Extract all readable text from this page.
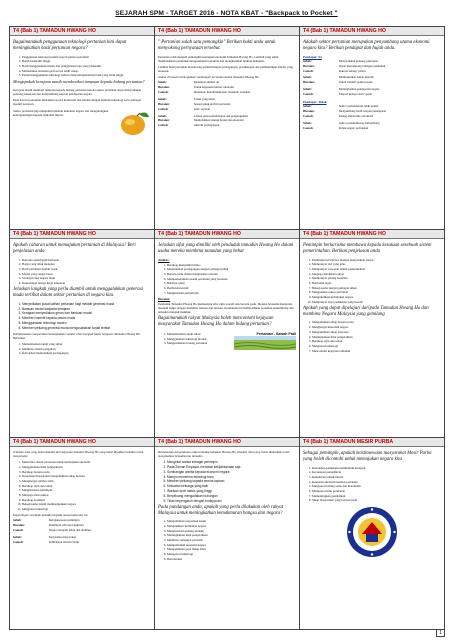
SEJARAH SPM - TARGET 2016 - NOTA KBAT - "Backpack to Pocket "
T4 (Bab 1) TAMADUN HWANG HO
Bagaimanakah penggunaan teknologi pertanian kini dapat meningkatkan hasil pertanian negara?
1. Penggunaan teknologi terkini seperti jentera pertanian
2. Benih berkualiti tinggi.
3. Hasil menggunakan mesin dan penggunaan baja yang berkualiti
4. Memastikan tanaman padi secara lebih cekap.
5. Petani menggunakan teknologi baharu demi mengeluarkan hasil yang lebih tinggi.
Mengapakah kerajaan masih memberikan tumpuan kepada bidang pertanian?
Kerajaan masih memberi tumpuan kepada bidang pertanian kerana sektor pertanian dapat menyediakan peluang pekerjaan dan menyumbang kepada pendapatan negara.
Pada hari ini pertanian dijalankan secara komersial dan moden dengan bantuan teknologi serta pelbagai insentif kerajaan.
Sektor pertanian juga menjamin bekalan makanan negara dan mengurangkan kebergantungan kepada makanan import.
T4 (Bab 1) TAMADUN HWANG HO
" Pertanian salah satu pemangkin" Berikan bukti anda untuk menyokong pernyataan tersebut.
Pertanian telah menjadi pemangkin kemajuan ekonomi Tamadun Hwang Ho. Lembah yang subur membolehkan penduduk mengusahakan tanaman dan menghasilkan lebihan makanan.
Lebihan hasil pertanian mendorong perkembangan perdagangan, pertukangan dan pembentukan bandar yang tersusun.
Jadual di bawah menunjukkan sumbangan pertanian dalam Tamadun Hwang Ho.
Sebab:	Mendapat sumber air
Huraian:	Untuk kegunaan harian/ ekonomi
Contoh:	minuman/ mandi/memasak/ tanaman/ ternakan
Sebab:	Tanah yang subur
Huraian:	Sesuai untuk aktiviti pertanian
Contoh:	padi/ sayuran
Sebab:	Laluan jalan perhubungan dan pengangkutan
Huraian:	Memudahkan urusan harian dan ekonomi
Contoh:	Aktiviti perdagangan
T4 (Bab 1) TAMADUN HWANG HO
Adakah sektor pertanian merupakan penyumbang utama ekonomi negara kita? Berikan pendapat dan hujah anda.
Pendapat: Ya
Sebab:	Menyediakan peluang pekerjaan
Huraian:	Dapat menampung bilangan penduduk
Contoh:	Pekerja ladang/ petani
Sebab:	Membekalkan bahan mentah
Huraian:	Untuk industri pemprosesan
Sebab:	Meningkatkan pendapatan negara
Contoh:	Eksport kelapa sawit/ getah
Pendapat: Tidak
Sebab:	Sektor perindustrian lebih utama
Huraian:	Menyumbang lebih banyak pendapatan
Contoh:	Kilang elektronik/ automotif
Sebab:	Sektor perkhidmatan berkembang
Contoh:	Pelancongan/ perbankan
T4 (Bab 1) TAMADUN HWANG HO
Apakah cabaran untuk memajukan pertanian di Malaysia? Beri penjelasan anda
1. Bencana alam/banjir/kemarau
2. Harga yang tidak menentu
3. Hasil pertanian mudah rosak
4. Modal yang sangat besar
5. Serangan dari negara maju
6. Kekurangan tenaga kerja tempatan
Jelaskan langkah yang perlu diambil untuk menggalakkan generasi muda terlibat dalam sektor pertanian di negara kita.
1. Menyediakan pusat latihan pertanian bagi melatih generasi muda
2. Bantuan modal daripada kerajaan
3. Kerajaan menyediakan geran dan bantuan modal
4. Memberi insentif kepada petani muda
5. Menggunakan teknologi moden
6. Memberi peluang generasi muda mengusahakan tanah terbiar
Kebijaksanaan masyarakat memanfaatkan sumber alam menjadi faktor kejayaan Tamadun Hwang Ho. Bahaskan.
1. Memanfaatkan tanah yang subur
2. Membina sistem pengairan
3. Kebolehan menjalankan perdagangan
T4 (Bab 1) TAMADUN HWANG HO
Jelaskan sifat yang dimiliki oleh penduduk tamadun Hwang Ho dalam usaha mereka membina tamadun yang hebat
Analisis:
1. Bersikap mengambil risiko
2. Menjalankan perdagangan dengan pelbagai pihak
3. Bersatu padu dalam menghadapi cabaran
4. Memperkenalkan sistem pertanian yang tersusun
5. Berdaya saing
6. Berfikiran kreatif
7. Menghormati pemerintah
Huraian:
Penduduk Tamadun Hwang Ho mempunyai sifat rajin, kreatif dan bersatu padu. Mereka berusaha mengatasi masalah banjir dengan membina tebatan dan terusan. Ketekunan ini membolehkan pertanian berkembang dan tamadun menjadi makmur.
Bagaimanakah rakyat Malaysia boleh mencontohi kejayaan masyarakat Tamadun Hwang Ho dalam bidang pertanian?
1. Memanfaatkan tanah subur
2. Menggunakan teknologi moden
3. Mengusahakan bidang pertanian
Pertanian - Sawah Padi
T4 (Bab 1) TAMADUN HWANG HO
Pemimpin berkarisma membawa kepada kesatuan sesebuah sistem pemerintahan. Berikan penjelasan anda
1. Pemimpin berwibawa mampu menyatukan rakyat
2. Mempunyai visi yang jelas
3. Mempunyai wawasan dalam pemerintahan
4. Menjaga kebajikan rakyat
5. Mempunyai prinsip keadilan
6. Bertindak tegas
7. Bekerjasama dengan pelbagai pihak
8. Menguatkan sektor pertanian
9. Mengukuhkan kedudukan negara
10. Mempunyai daya pemikiran yang kreatif
Apakah yang dapat dipelajari daripada Tamadun Hwang Ho dan membina Negara Malaysia yang gemilang
1. Mengamalkan sikap bersatu padu
2. Menghargai khazanah negara
3. Mengamalkan sikap toleransi
4. Meningkatkan ilmu pengetahuan
5. Bersikap rajin dan tekun
6. Menguasai teknologi
7. Mencontohi kejayaan tamadun
T4 (Bab 1) TAMADUN HWANG HO
Jelaskan nilai yang boleh diambil dari kejayaan tamadun Hwang Ho yang boleh dijadikan teladan untuk masyarakat
1. Menerima sistem pertanian untuk memajukan ekonomi
2. Menggunakan ilmu pengetahuan
3. Bersikap bersatu padu
4. Kesediaan masyarakat mengamalkan sikap hormat
5. Menghargai sumber alam
6. Bersikap rajin dan tekun
7. Menghormati pemimpin
8. Menjaga alam sekitar
9. Bersikap berdikari
10. Bekerjasama dalam membangunkan negara
11. Menguasai teknologi
Kepentingan sesebuah tamadun kepada masyarakat hari ini.
Sebab:	Kebijaksanaan pemimpin
Huraian:	Pemimpin adil dan bijaksana
Contoh:	Negara menjadi aman dan makmur
Sebab:	Kerjasama masyarakat
Contoh:	Pembinaan tebatan banjir
T4 (Bab 1) TAMADUN HWANG HO
Berdasarkan pengetahuan anda terhadap tamadun Hwang Ho, jelaskan nilai yang boleh diamalkan untuk mengekalkan kemakmuran tamadun
1. Mengekal warisa sebagai pemimpin
2. Pada Zaman Empayar, meramal kebijaksanaan raja
3. Sumbangan wanita kepada ekonomi negara
4. Mampu menerima teknologi baru
5. Memberi peluang kepada semua lapisan
6. Kekuatan keluarga yang baik
7. Warisan seni/ status yang tinggi
8. Berpeluang mengadakan hubungan
9. Tidak terpengaruh dengan budaya lain
Pada pandangan anda, apakah yang perlu dilakukan oleh rakyat Malaysia untuk meningkatkan kemakmuran bangsa dan negara?
1. Mengamalkan perpaduan kaum
2. Mengekalkan keamanan negara
3. Menghormati undang-undang
4. Meningkatkan ilmu pengetahuan
5. Membina semangat patriotik
6. Memperkukuh ekonomi negara
7. Mengamalkan gaya hidup sihat
8. Menguasai teknologi
9. Bertoleransi
T4 (Bab 1) TAMADUN MESIR PURBA
Sebagai pemimpin, apakah keistimewaan masyarakat Mesir Purba yang boleh dicontohi untuk memajukan negara kita
1. Kebolehan pemimpin membentuk kerajaan
2. Kecekapan pentadbiran
3. Kemahiran teknik binaan
4. Kekuatan ekonomi melalui pertanian
5. Menguasai bidang sains dan matematik
6. Menguasai ilmu perubatan
7. Mementingkan pendidikan
8. Sikap masyarakat yang bersatu padu
1
